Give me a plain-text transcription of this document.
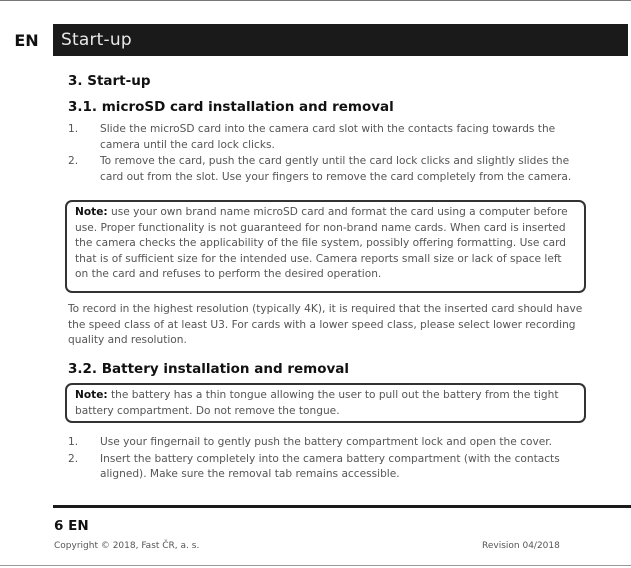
EN	Start-up
3. Start-up
3.1. microSD card installation and removal
1. Slide the microSD card into the camera card slot with the contacts facing towards the camera until the card lock clicks.
2. To remove the card, push the card gently until the card lock clicks and slightly slides the card out from the slot. Use your fingers to remove the card completely from the camera.
Note: use your own brand name microSD card and format the card using a computer before use. Proper functionality is not guaranteed for non-brand name cards. When card is inserted the camera checks the applicability of the file system, possibly offering formatting. Use card that is of sufficient size for the intended use. Camera reports small size or lack of space left on the card and refuses to perform the desired operation.

To record in the highest resolution (typically 4K), it is required that the inserted card should have the speed class of at least U3. For cards with a lower speed class, please select lower recording quality and resolution.

3.2. Battery installation and removal
Note: the battery has a thin tongue allowing the user to pull out the battery from the tight battery compartment. Do not remove the tongue.
1. Use your fingernail to gently push the battery compartment lock and open the cover.
2. Insert the battery completely into the camera battery compartment (with the contacts aligned). Make sure the removal tab remains accessible.
6 EN
Copyright © 2018, Fast ČR, a. s.	Revision 04/2018
